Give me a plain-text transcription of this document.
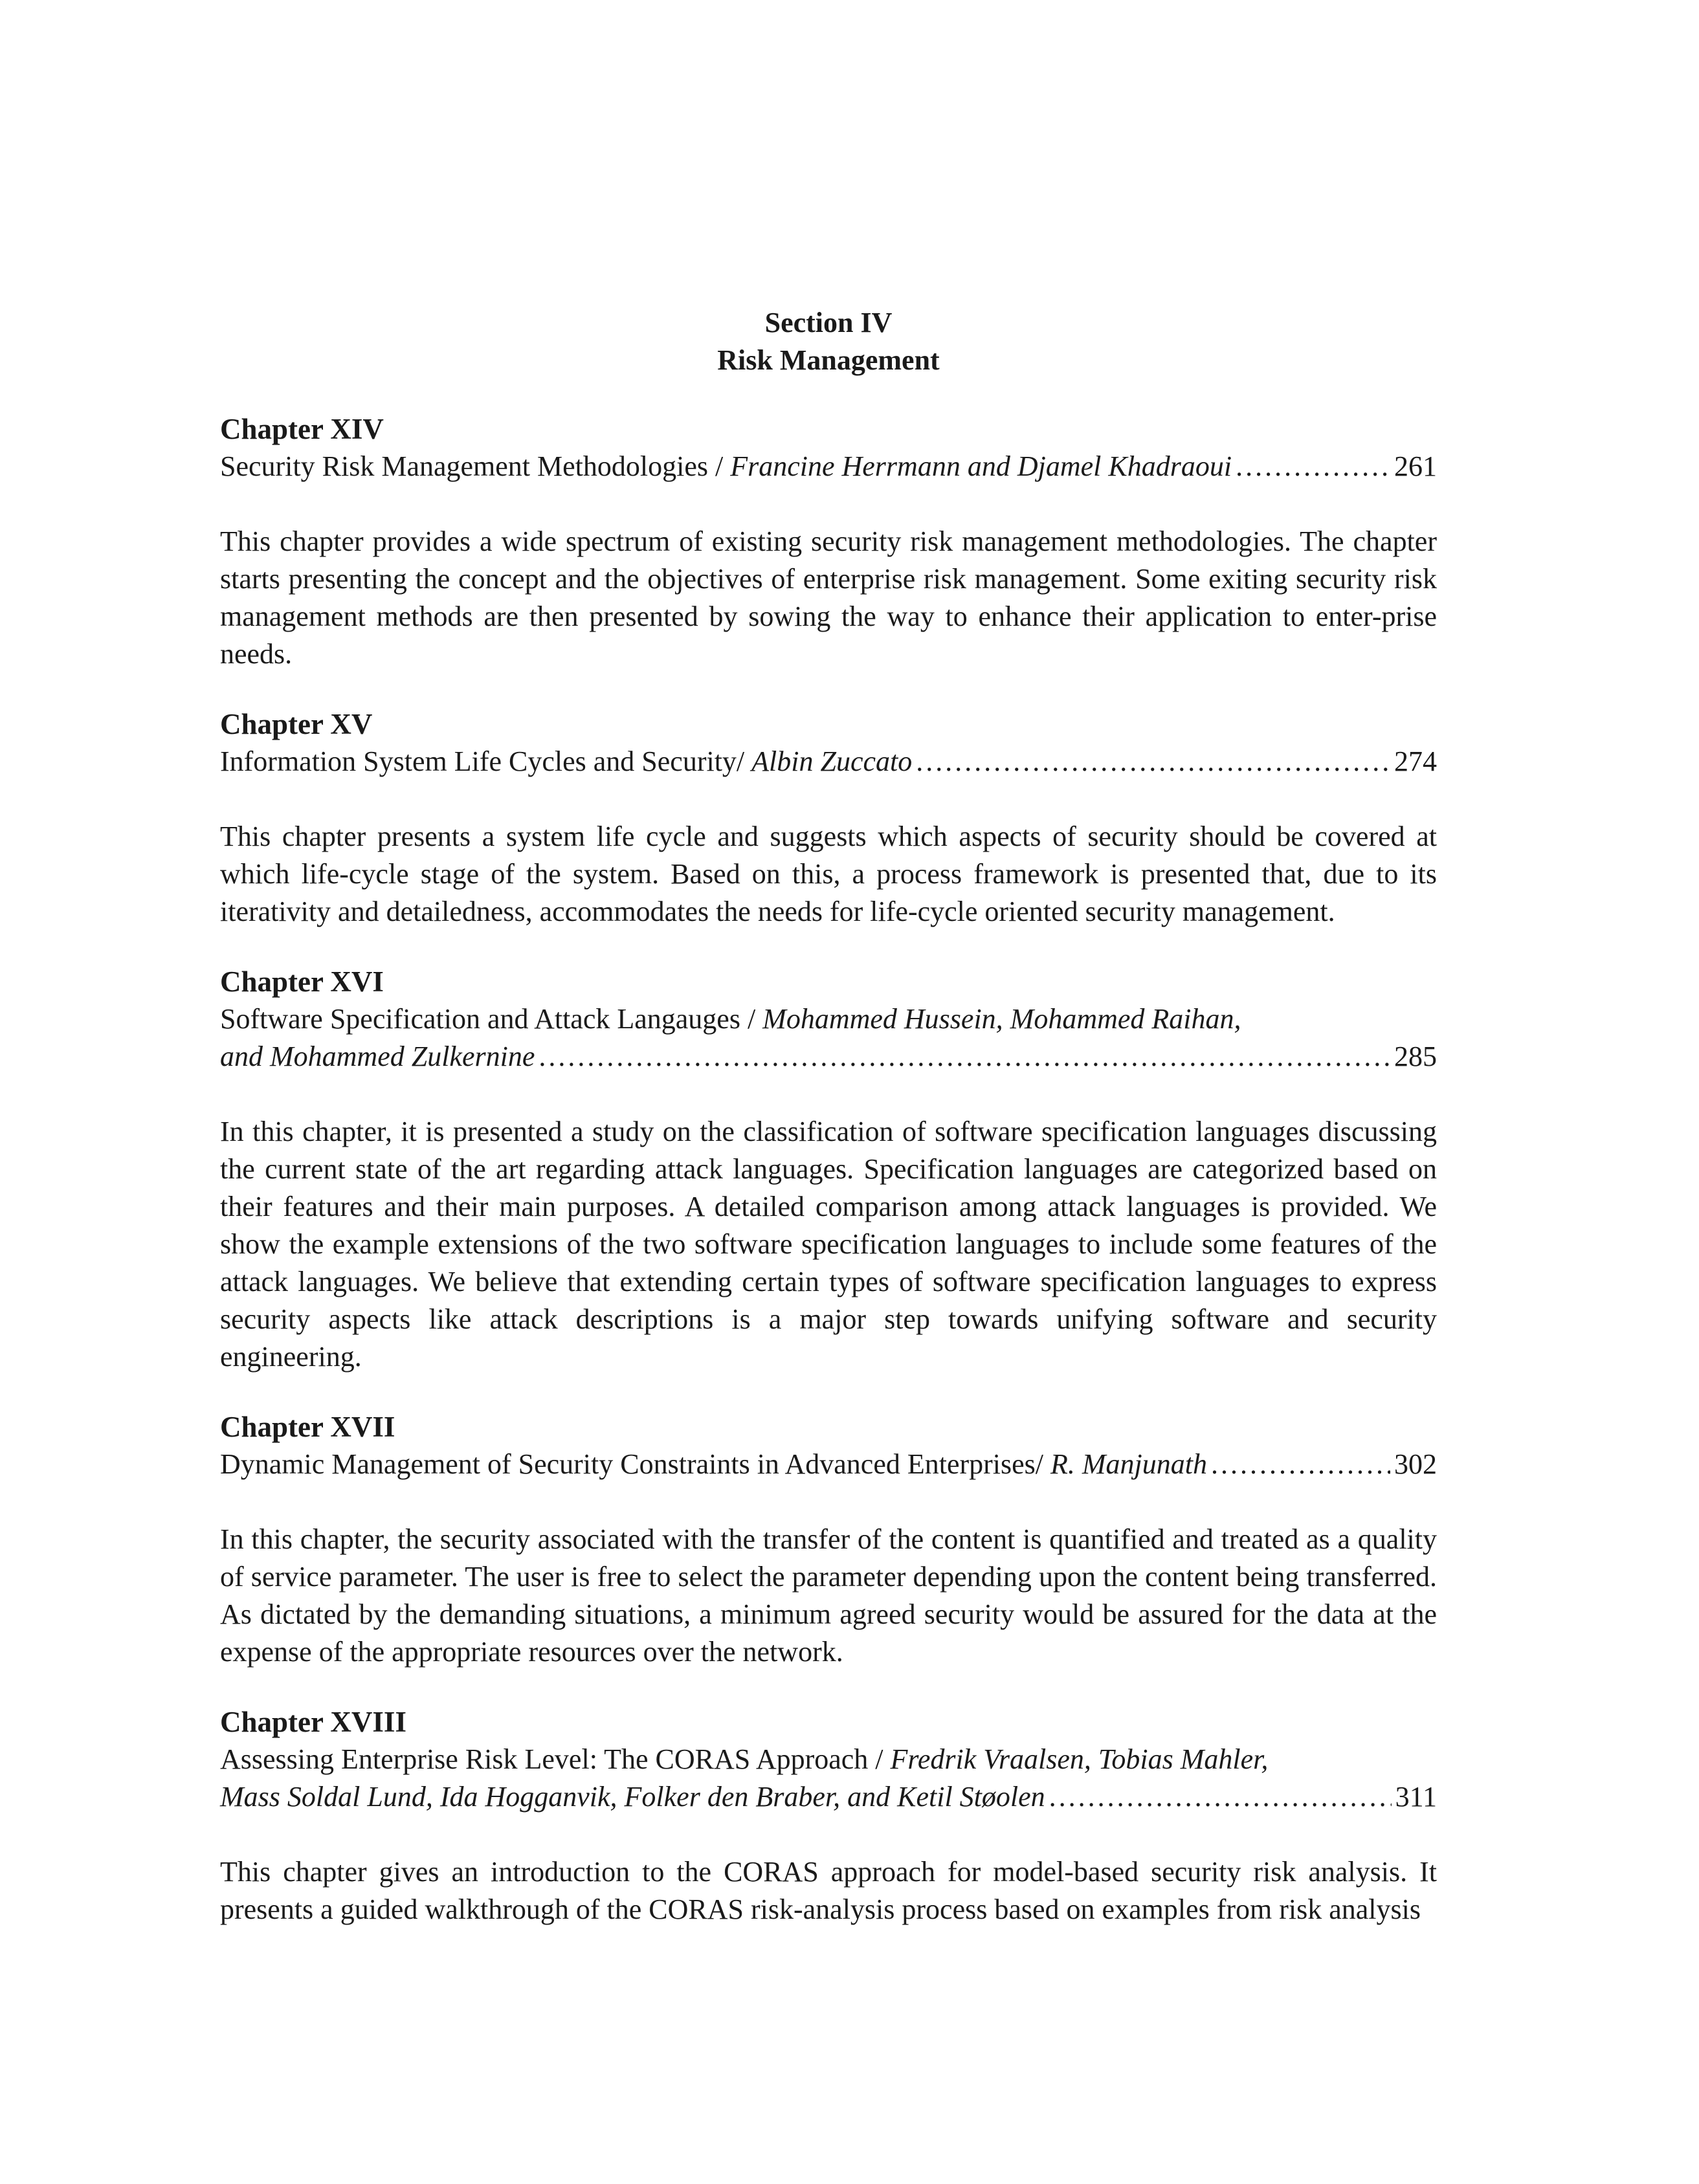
Section IV
Risk Management
Chapter XIV
Security Risk Management Methodologies / Francine Herrmann and Djamel Khadraoui .....	261
This chapter provides a wide spectrum of existing security risk management methodologies. The chapter starts presenting the concept and the objectives of enterprise risk management. Some exiting security risk management methods are then presented by sowing the way to enhance their application to enter-prise needs.
Chapter XV
Information System Life Cycles and Security/ Albin Zuccato .....	274
This chapter presents a system life cycle and suggests which aspects of security should be covered at which life-cycle stage of the system. Based on this, a process framework is presented that, due to its iterativity and detailedness, accommodates the needs for life-cycle oriented security management.
Chapter XVI
Software Specification and Attack Langauges / Mohammed Hussein, Mohammed Raihan,
and Mohammed Zulkernine .....	285
In this chapter, it is presented a study on the classification of software specification languages discussing the current state of the art regarding attack languages. Specification languages are categorized based on their features and their main purposes. A detailed comparison among attack languages is provided. We show the example extensions of the two software specification languages to include some features of the attack languages. We believe that extending certain types of software specification languages to express security aspects like attack descriptions is a major step towards unifying software and security engineering.
Chapter XVII
Dynamic Management of Security Constraints in Advanced Enterprises/ R. Manjunath .....	302
In this chapter, the security associated with the transfer of the content is quantified and treated as a quality of service parameter. The user is free to select the parameter depending upon the content being transferred. As dictated by the demanding situations, a minimum agreed security would be assured for the data at the expense of the appropriate resources over the network.
Chapter XVIII
Assessing Enterprise Risk Level: The CORAS Approach / Fredrik Vraalsen, Tobias Mahler,
Mass Soldal Lund, Ida Hogganvik, Folker den Braber, and Ketil Støolen .....	311
This chapter gives an introduction to the CORAS approach for model-based security risk analysis. It presents a guided walkthrough of the CORAS risk-analysis process based on examples from risk analysis
